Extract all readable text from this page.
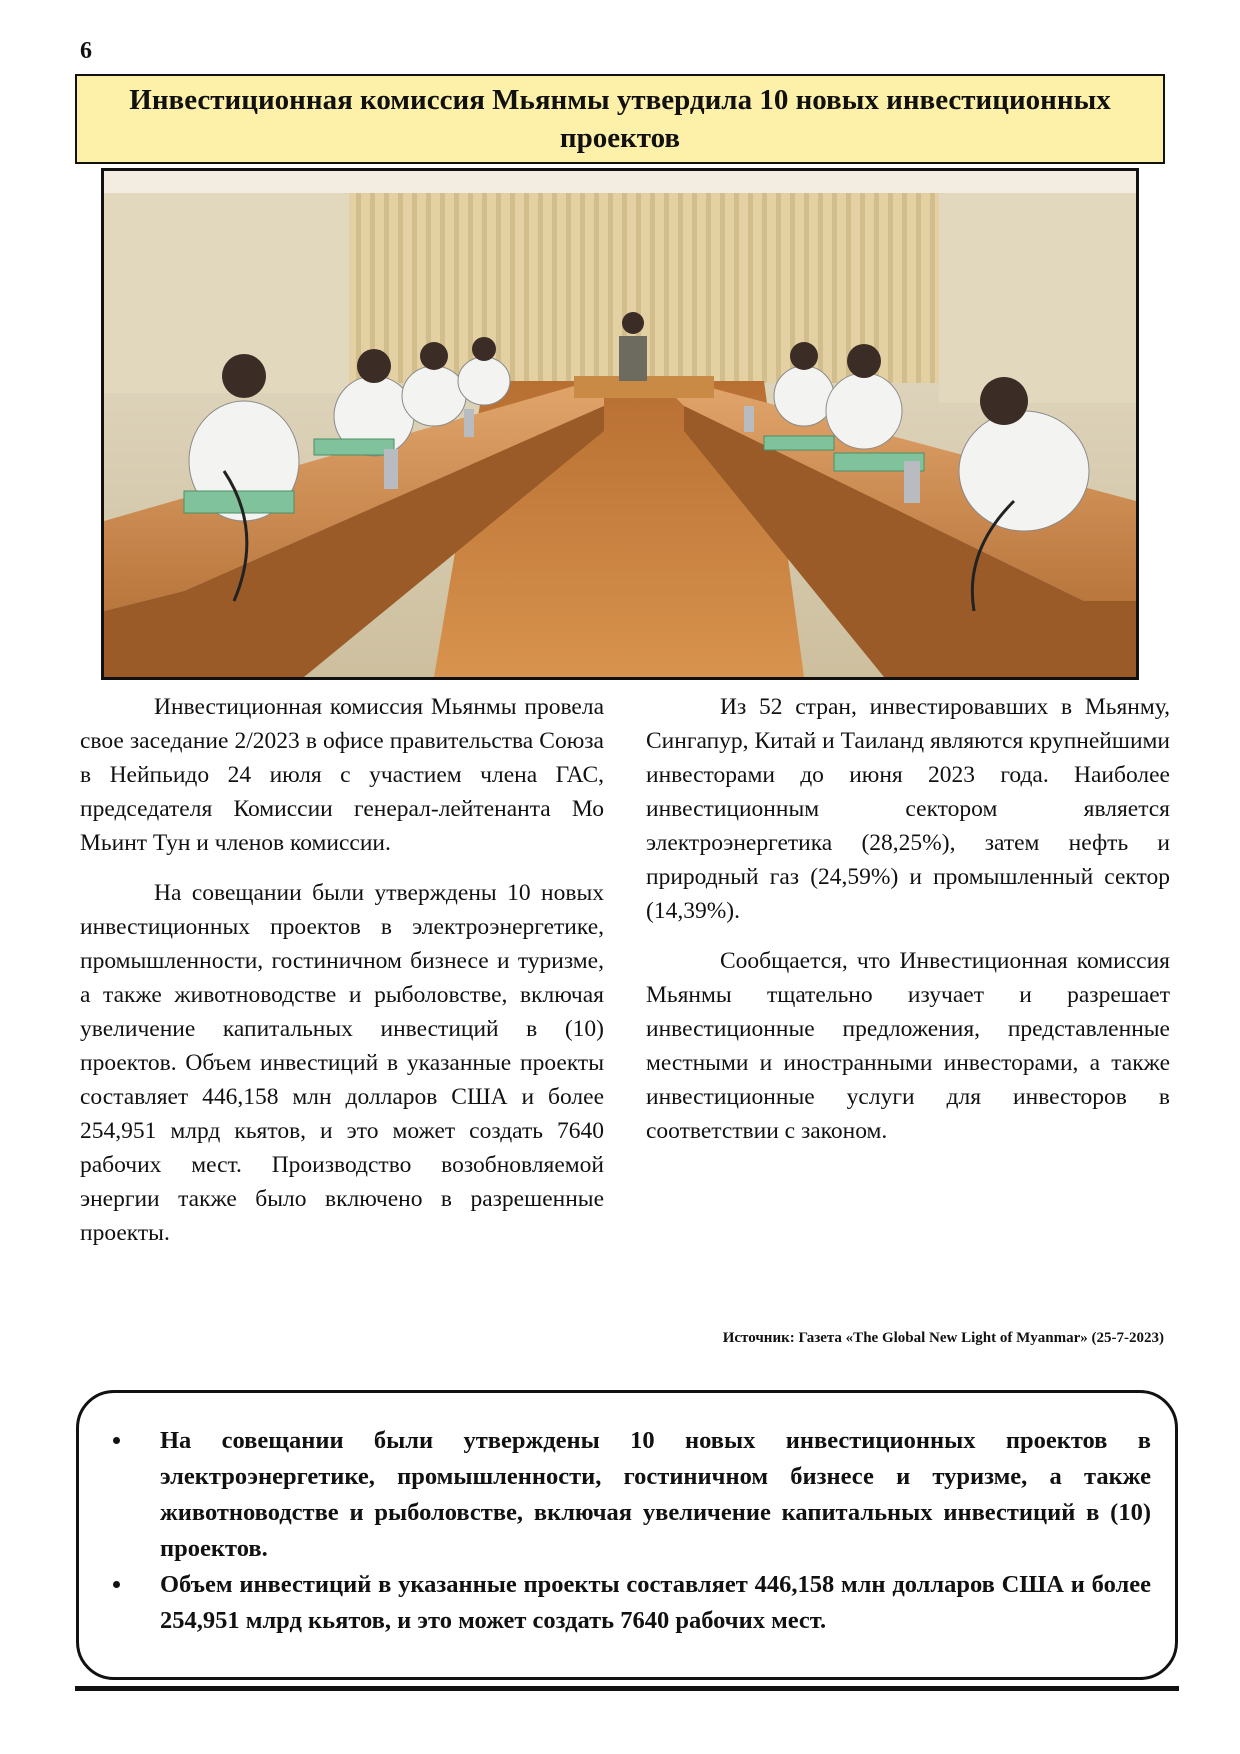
6
Инвестиционная комиссия Мьянмы утвердила 10 новых инвестиционных проектов

Инвестиционная комиссия Мьянмы провела свое заседание 2/2023 в офисе правительства Союза в Нейпьидо 24 июля с участием члена ГАС, председателя Комиссии генерал-лейтенанта Мо Мьинт Тун и членов комиссии.

На совещании были утверждены 10 новых инвестиционных проектов в электроэнергетике, промышленности, гостиничном бизнесе и туризме, а также животноводстве и рыболовстве, включая увеличение капитальных инвестиций в (10) проектов. Объем инвестиций в указанные проекты составляет 446,158 млн долларов США и более 254,951 млрд кьятов, и это может создать 7640 рабочих мест. Производство возобновляемой энергии также было включено в разрешенные проекты.

Из 52 стран, инвестировавших в Мьянму, Сингапур, Китай и Таиланд являются крупнейшими инвесторами до июня 2023 года. Наиболее инвестиционным сектором является электроэнергетика (28,25%), затем нефть и природный газ (24,59%) и промышленный сектор (14,39%).

Сообщается, что Инвестиционная комиссия Мьянмы тщательно изучает и разрешает инвестиционные предложения, представленные местными и иностранными инвесторами, а также инвестиционные услуги для инвесторов в соответствии с законом.

Источник: Газета «The Global New Light of Myanmar» (25-7-2023)
• На совещании были утверждены 10 новых инвестиционных проектов в электроэнергетике, промышленности, гостиничном бизнесе и туризме, а также животноводстве и рыболовстве, включая увеличение капитальных инвестиций в (10) проектов.
• Объем инвестиций в указанные проекты составляет 446,158 млн долларов США и более 254,951 млрд кьятов, и это может создать 7640 рабочих мест.
